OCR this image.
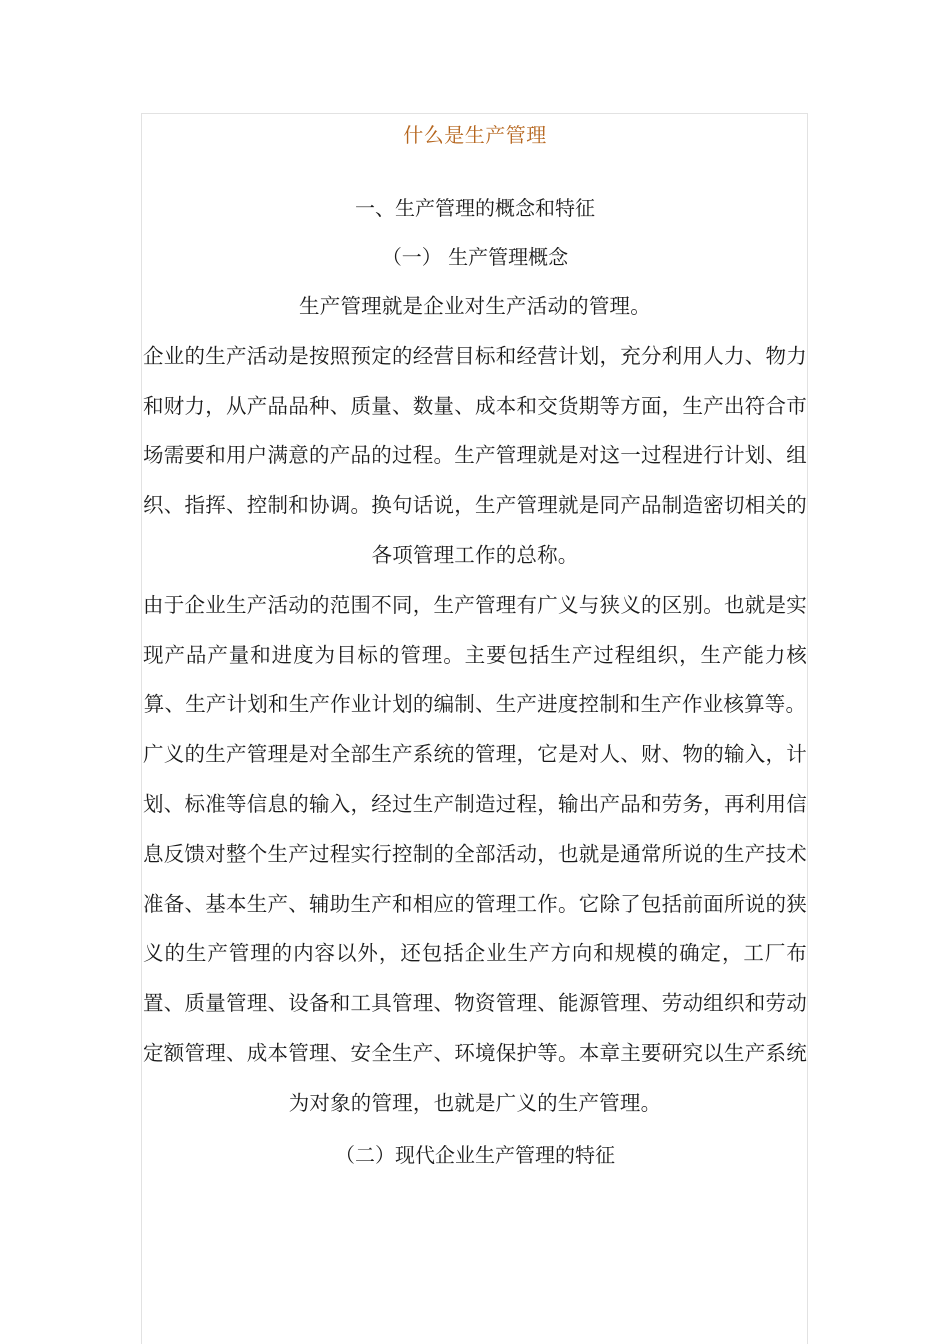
什么是生产管理
一、生产管理的概念和特征
（一） 生产管理概念

生产管理就是企业对生产活动的管理。

企业的生产活动是按照预定的经营目标和经营计划，充分利用人力、物力和财力，从产品品种、质量、数量、成本和交货期等方面，生产出符合市场需要和用户满意的产品的过程。生产管理就是对这一过程进行计划、组织、指挥、控制和协调。换句话说，生产管理就是同产品制造密切相关的各项管理工作的总称。

由于企业生产活动的范围不同，生产管理有广义与狭义的区别。也就是实现产品产量和进度为目标的管理。主要包括生产过程组织，生产能力核算、生产计划和生产作业计划的编制、生产进度控制和生产作业核算等。

广义的生产管理是对全部生产系统的管理，它是对人、财、物的输入，计划、标准等信息的输入，经过生产制造过程，输出产品和劳务，再利用信息反馈对整个生产过程实行控制的全部活动，也就是通常所说的生产技术准备、基本生产、辅助生产和相应的管理工作。它除了包括前面所说的狭义的生产管理的内容以外，还包括企业生产方向和规模的确定，工厂布置、质量管理、设备和工具管理、物资管理、能源管理、劳动组织和劳动定额管理、成本管理、安全生产、环境保护等。本章主要研究以生产系统为对象的管理，也就是广义的生产管理。

（二）现代企业生产管理的特征
